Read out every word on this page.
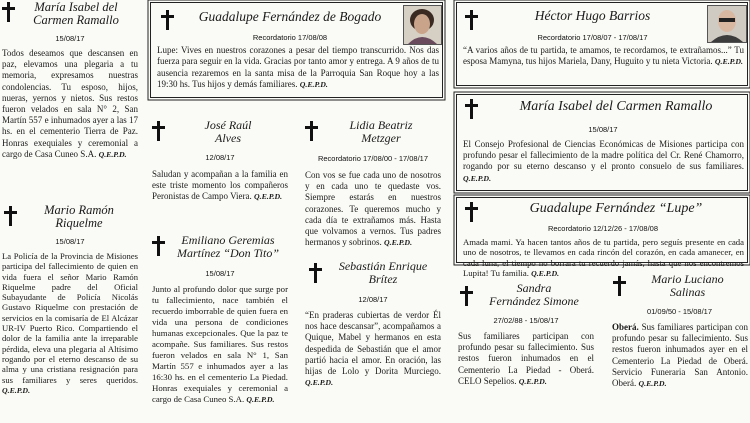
María Isabel del
Carmen Ramallo
15/08/17
Todos deseamos que descansen en paz, elevamos una plegaria a tu memoria, expresamos nuestras condolencias. Tu esposo, hijos, nueras, yernos y nietos. Sus restos fueron velados en sala N° 2, San Martín 557 e inhumados ayer a las 17 hs. en el cementerio Tierra de Paz. Honras exequiales y ceremonial a cargo de Casa Cuneo S.A. Q.E.P.D.
Mario Ramón
Riquelme
15/08/17
La Policía de la Provincia de Misiones participa del fallecimiento de quien en vida fuera el señor Mario Ramón Riquelme padre del Oficial Subayudante de Policía Nicolás Gustavo Riquelme con prestación de servicios en la comisaría de El Alcázar UR-IV Puerto Rico. Compartiendo el dolor de la familia ante la irreparable pérdida, eleva una plegaria al Altísimo rogando por el eterno descanso de su alma y una cristiana resignación para sus familiares y seres queridos. Q.E.P.D.
Guadalupe Fernández de Bogado
Recordatorio 17/08/08
Lupe: Vives en nuestros corazones a pesar del tiempo transcurrido. Nos das fuerza para seguir en la vida. Gracias por tanto amor y entrega. A 9 años de tu ausencia rezaremos en la santa misa de la Parroquia San Roque hoy a las 19:30 hs. Tus hijos y demás familiares. Q.E.P.D.
José Raúl
Alves
12/08/17
Saludan y acompañan a la familia en este triste momento los compañeros Peronistas de Campo Viera. Q.E.P.D.
Emiliano Geremias
Martínez “Don Tito”
15/08/17
Junto al profundo dolor que surge por tu fallecimiento, nace también el recuerdo imborrable de quien fuera en vida una persona de condiciones humanas excepcionales. Que la paz te acompañe. Sus familiares. Sus restos fueron velados en sala N° 1, San Martín 557 e inhumados ayer a las 16:30 hs. en el cementerio La Piedad. Honras exequiales y ceremonial a cargo de Casa Cuneo S.A. Q.E.P.D.
Lidia Beatriz
Metzger
Recordatorio 17/08/00 - 17/08/17
Con vos se fue cada uno de nosotros y en cada uno te quedaste vos. Siempre estarás en nuestros corazones. Te queremos mucho y cada día te extrañamos más. Hasta que volvamos a vernos. Tus padres hermanos y sobrinos. Q.E.P.D.
Sebastián Enrique
Brítez
12/08/17
“En praderas cubiertas de verdor Él nos hace descansar”, acompañamos a Quique, Mabel y hermanos en esta despedida de Sebastián que el amor partió hacia el amor. En oración, las hijas de Lolo y Dorita Murciego. Q.E.P.D.
Héctor Hugo Barrios
Recordatorio 17/08/07 - 17/08/17
“A varios años de tu partida, te amamos, te recordamos, te extrañamos...” Tu esposa Mamyna, tus hijos Mariela, Dany, Huguito y tu nieta Victoria. Q.E.P.D.
María Isabel del Carmen Ramallo
15/08/17
El Consejo Profesional de Ciencias Económicas de Misiones participa con profundo pesar el fallecimiento de la madre política del Cr. René Chamorro, rogando por su eterno descanso y el pronto consuelo de sus familiares. Q.E.P.D.
Guadalupe Fernández “Lupe”
Recordatorio 12/12/26 - 17/08/08
Amada mami. Ya hacen tantos años de tu partida, pero seguís presente en cada uno de nosotros, te llevamos en cada rincón del corazón, en cada amanecer, en cada luna, el tiempo no borrara tu recuerdo jamás, hasta que nos encontremos Lupita! Tu familia. Q.E.P.D.
Sandra
Fernández Simone
27/02/88 - 15/08/17
Sus familiares participan con profundo pesar su fallecimiento. Sus restos fueron inhumados en el Cementerio La Piedad - Oberá. CELO Sepelios. Q.E.P.D.
Mario Luciano
Salinas
01/09/50 - 15/08/17
Oberá. Sus familiares participan con profundo pesar su fallecimiento. Sus restos fueron inhumados ayer en el Cementerio La Piedad de Oberá. Servicio Funeraria San Antonio. Oberá. Q.E.P.D.
